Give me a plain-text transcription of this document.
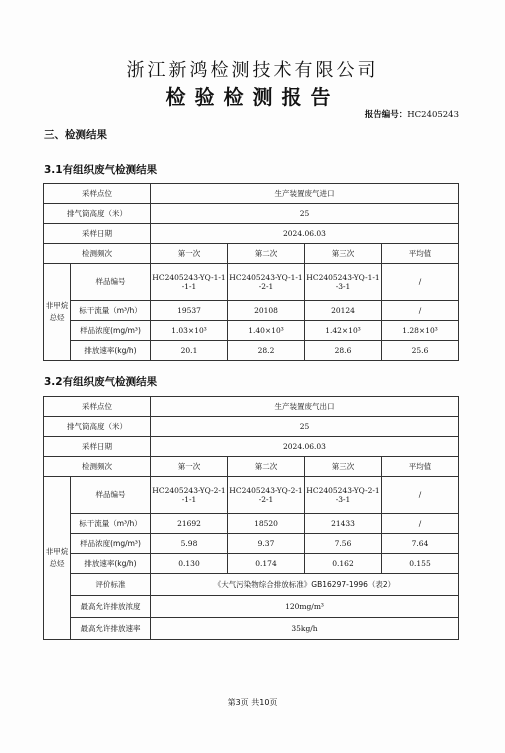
浙江新鸿检测技术有限公司
检验检测报告
报告编号：HC2405243
三、检测结果
3.1有组织废气检测结果
采样点位		生产装置废气进口			
排气筒高度（米）		25			
采样日期		2024.06.03			
检测频次		第一次	第二次	第三次	平均值
非甲烷总烃	样品编号	HC2405243-YQ-1-1-1-1	HC2405243-YQ-1-1-2-1	HC2405243-YQ-1-1-3-1	/
	标干流量（m³/h）	19537	20108	20124	/
	样品浓度(mg/m³)	1.03×10³	1.40×10³	1.42×10³	1.28×10³
	排放速率(kg/h)	20.1	28.2	28.6	25.6
3.2有组织废气检测结果
采样点位		生产装置废气出口			
排气筒高度（米）		25			
采样日期		2024.06.03			
检测频次		第一次	第二次	第三次	平均值
非甲烷总烃	样品编号	HC2405243-YQ-2-1-1-1	HC2405243-YQ-2-1-2-1	HC2405243-YQ-2-1-3-1	/
	标干流量（m³/h）	21692	18520	21433	/
	样品浓度(mg/m³)	5.98	9.37	7.56	7.64
	排放速率(kg/h)	0.130	0.174	0.162	0.155
	评价标准	《大气污染物综合排放标准》GB16297-1996（表2）			
	最高允许排放浓度	120mg/m³			
	最高允许排放速率	35kg/h			
第3页 共10页
